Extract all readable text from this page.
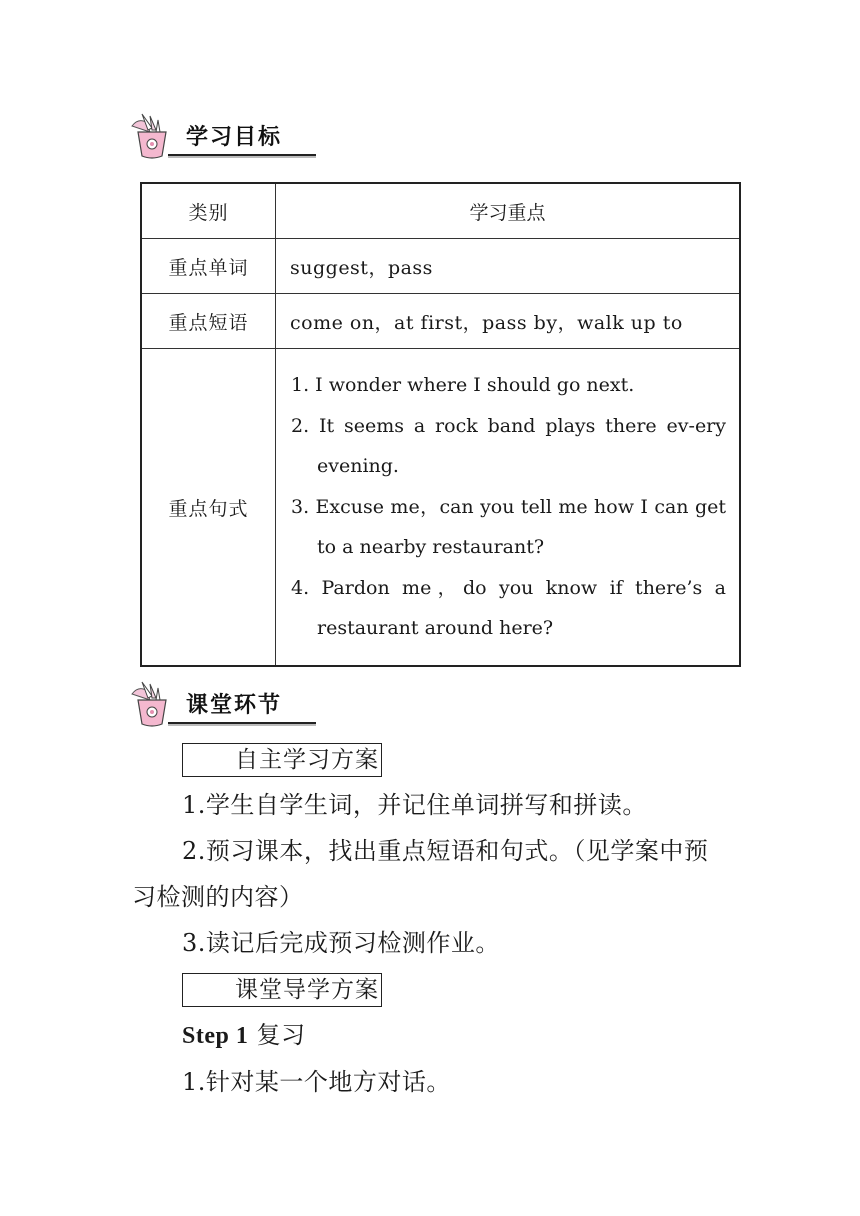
学习目标
类别	学习重点
重点单词	suggest，pass
重点短语	come on，at first，pass by，walk up to
重点句式	1. I wonder where I should go next.
2. It seems a rock band plays there ev-ery evening.
3. Excuse me，can you tell me how I can get to a nearby restaurant?
4. Pardon me，do you know if there’s a restaurant around here?
课堂环节
自主学习方案
1.学生自学生词，并记住单词拼写和拼读。
2.预习课本，找出重点短语和句式。（见学案中预习检测的内容）
3.读记后完成预习检测作业。
课堂导学方案
Step 1 复习
1.针对某一个地方对话。
